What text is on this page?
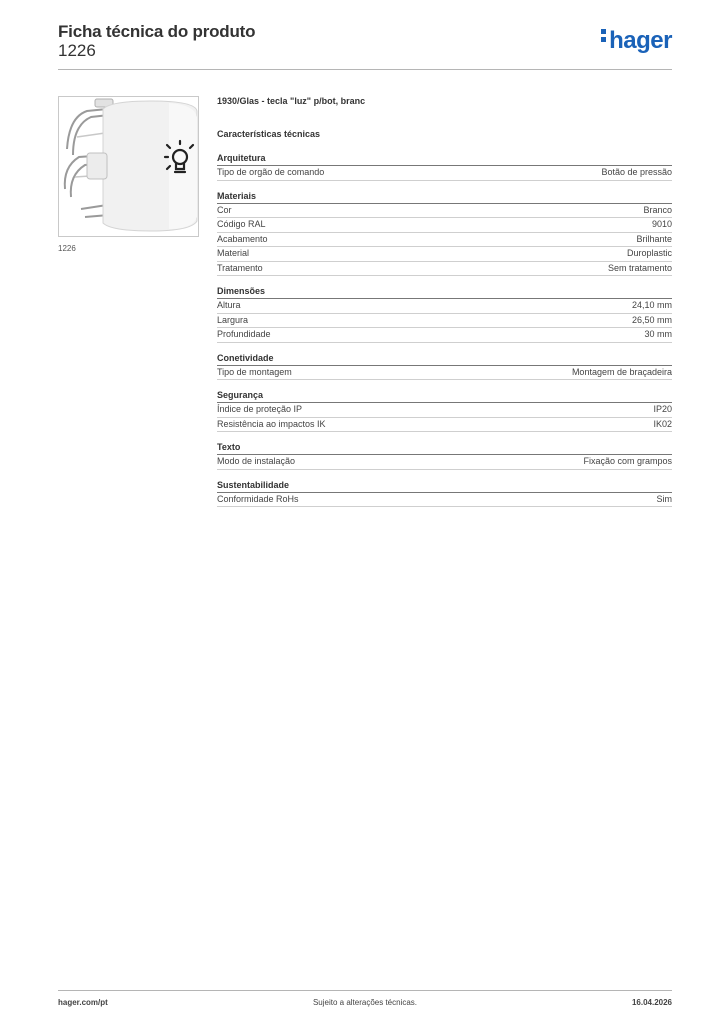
Ficha técnica do produto
1226	hager
1226
1930/Glas - tecla "luz" p/bot, branc
Características técnicas
Arquitetura
Tipo de orgão de comando	Botão de pressão
Materiais
Cor	Branco
Código RAL	9010
Acabamento	Brilhante
Material	Duroplastic
Tratamento	Sem tratamento
Dimensões
Altura	24,10 mm
Largura	26,50 mm
Profundidade	30 mm
Conetividade
Tipo de montagem	Montagem de braçadeira
Segurança
Índice de proteção IP	IP20
Resistência ao impactos IK	IK02
Texto
Modo de instalação	Fixação com grampos
Sustentabilidade
Conformidade RoHs	Sim
hager.com/pt	Sujeito a alterações técnicas.	16.04.2026
